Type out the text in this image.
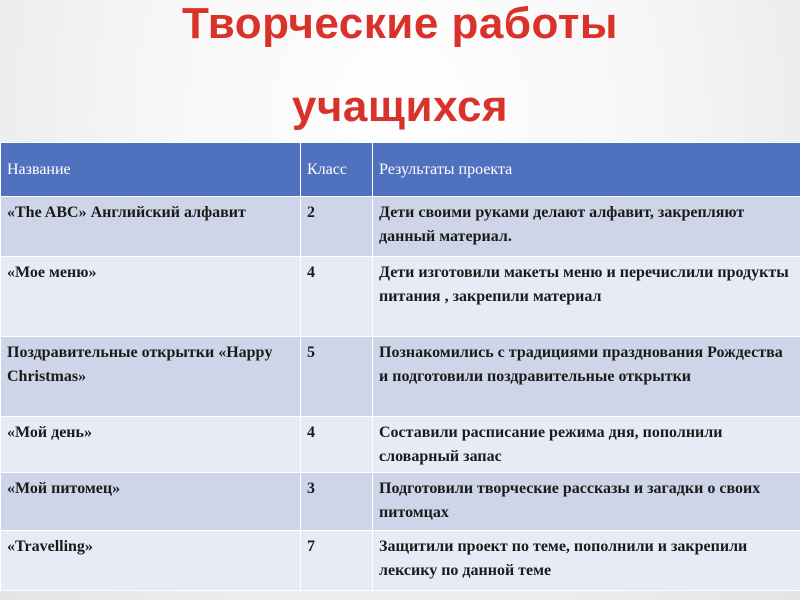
Творческие работы
учащихся
Название	Класс	Результаты проекта
«The ABC» Английский алфавит	2	Дети своими руками делают алфавит, закрепляют данный материал.
«Мое меню»	4	Дети изготовили макеты меню и перечислили продукты питания , закрепили материал
Поздравительные открытки «Happy Christmas»	5	Познакомились с традициями празднования Рождества и подготовили поздравительные открытки
«Мой день»	4	Составили расписание режима дня, пополнили словарный запас
«Мой питомец»	3	Подготовили творческие рассказы и загадки о своих питомцах
«Travelling»	7	Защитили проект по теме, пополнили и закрепили лексику по данной теме
